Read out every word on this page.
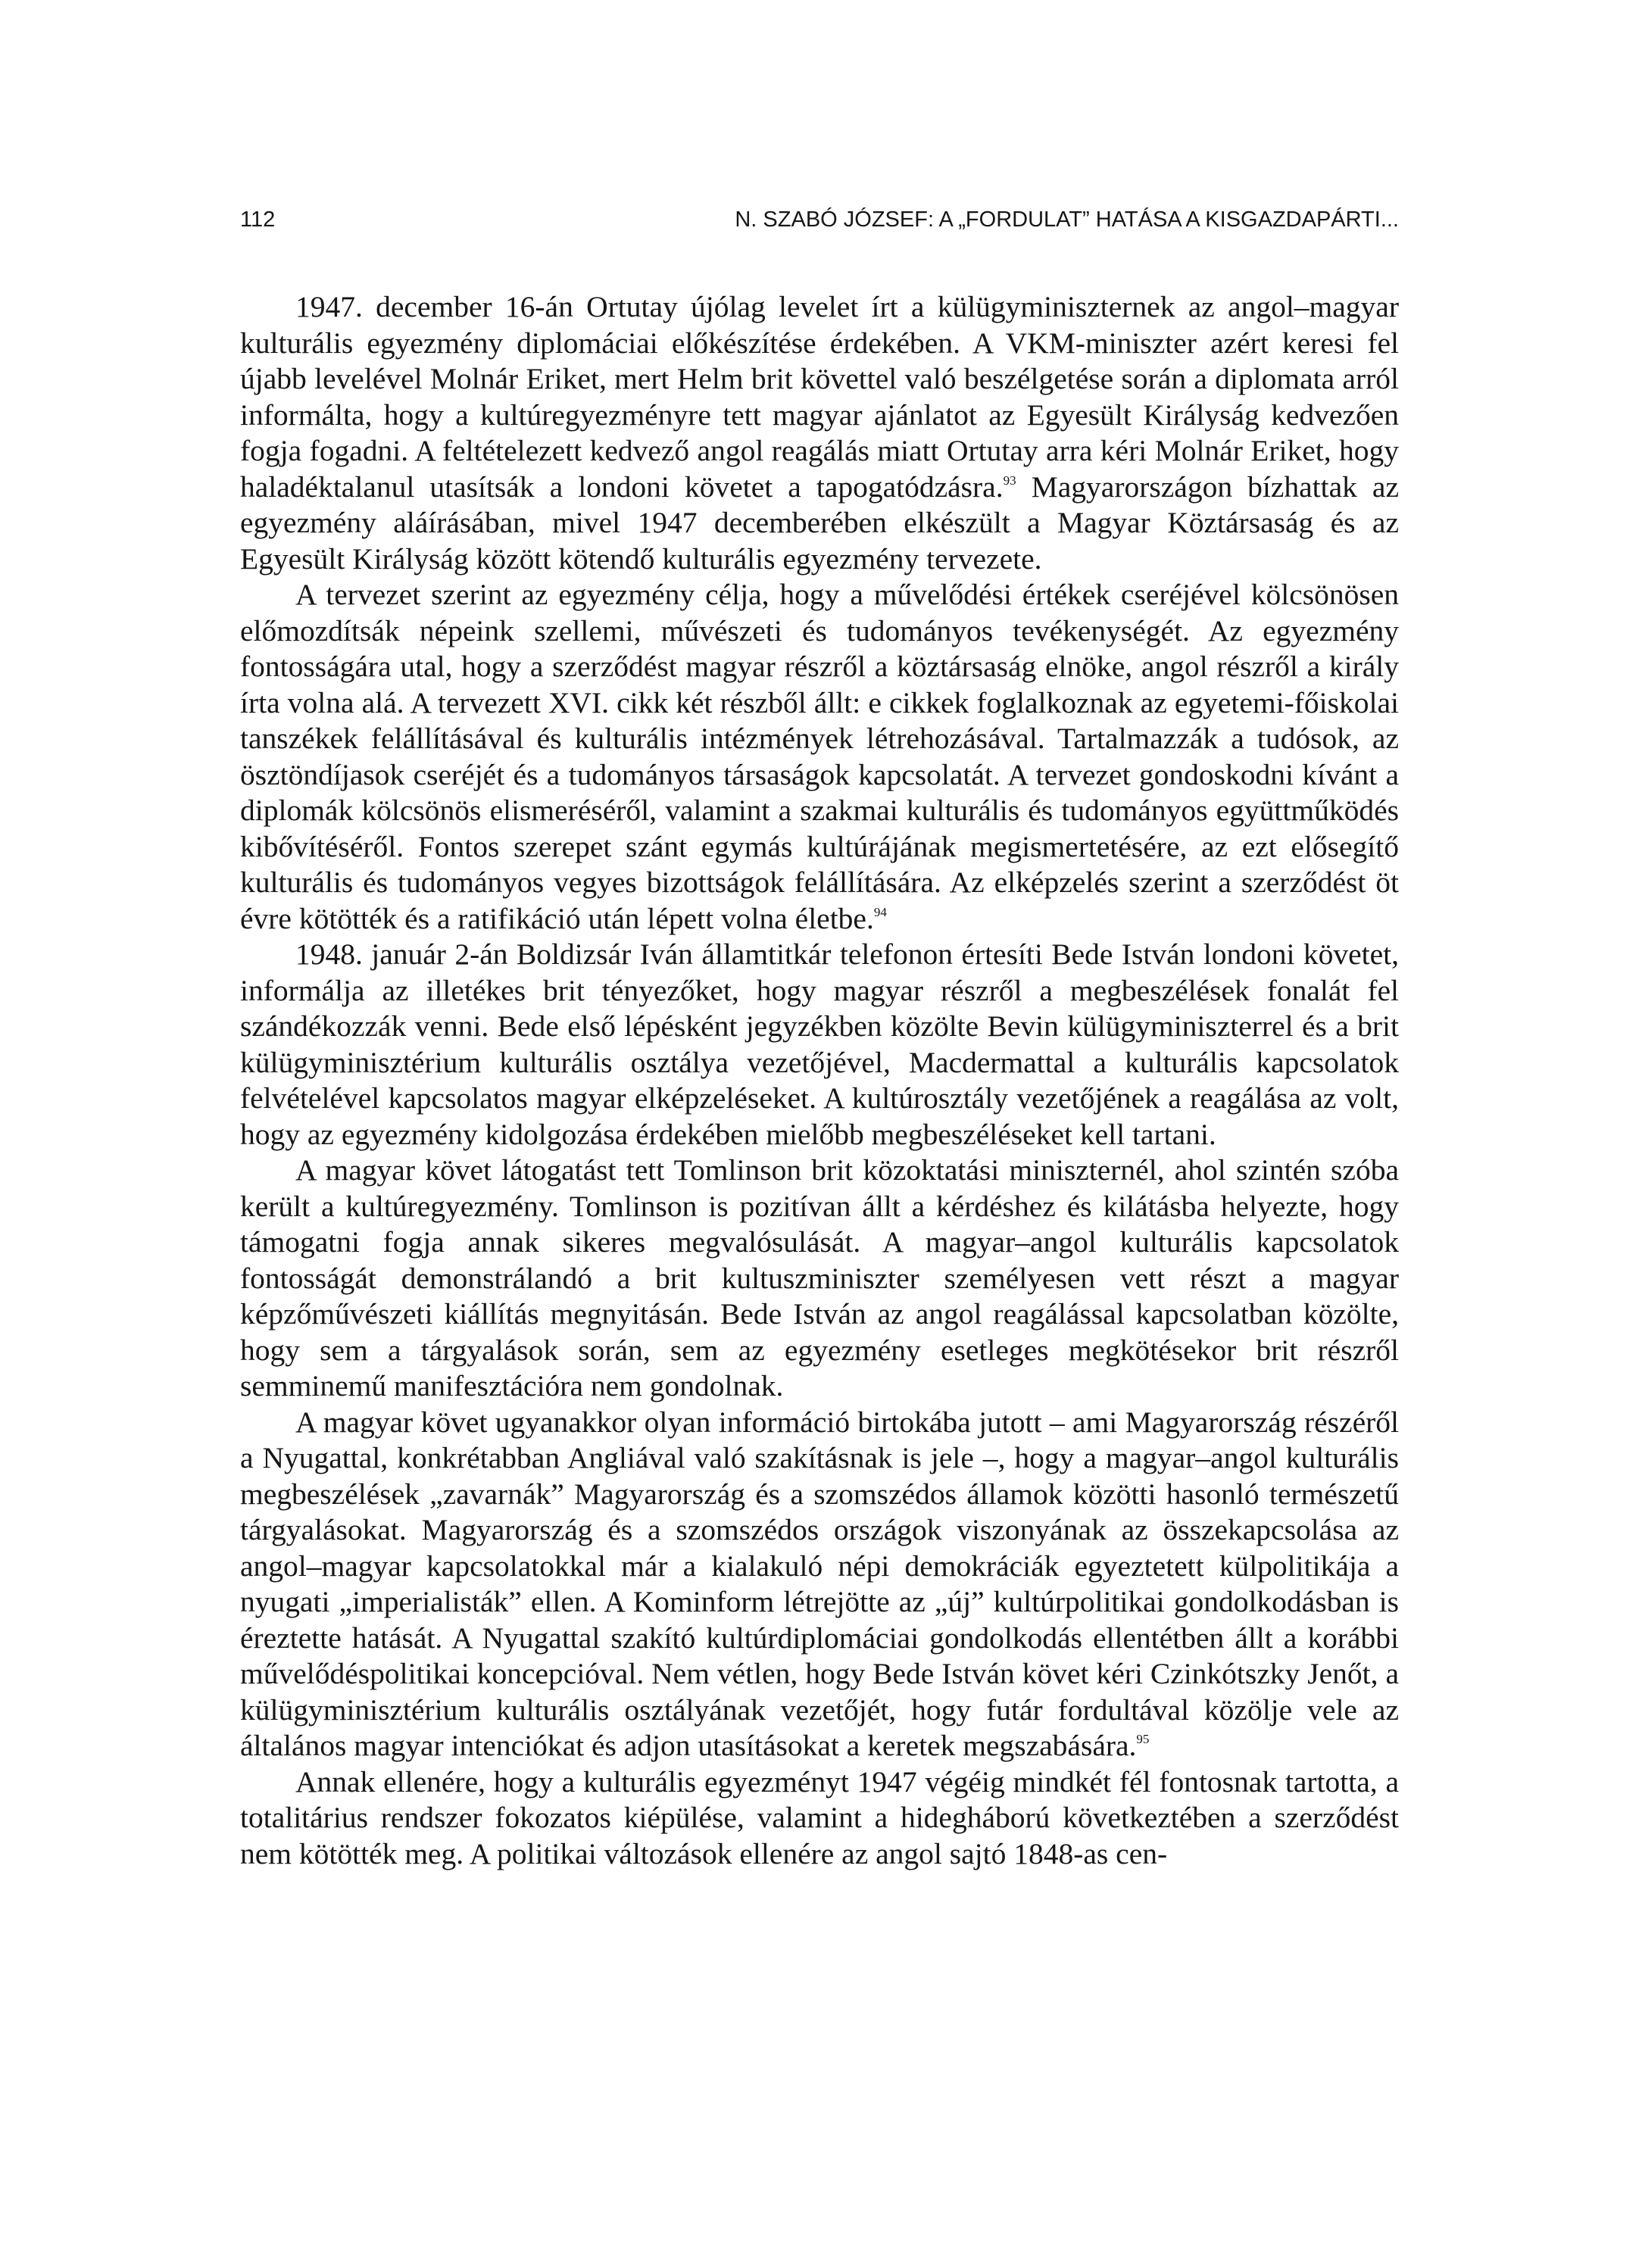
112	N. SZABÓ JÓZSEF: A „FORDULAT” HATÁSA A KISGAZDAPÁRTI...

1947. december 16-án Ortutay újólag levelet írt a külügyminiszternek az angol–magyar kulturális egyezmény diplomáciai előkészítése érdekében. A VKM-miniszter azért keresi fel újabb levelével Molnár Eriket, mert Helm brit követtel való beszélgetése során a diplomata arról informálta, hogy a kultúregyezményre tett magyar ajánlatot az Egyesült Királyság kedvezően fogja fogadni. A feltételezett kedvező angol reagálás miatt Ortutay arra kéri Molnár Eriket, hogy haladéktalanul utasítsák a londoni követet a tapogatódzásra.$^{93}$ Magyarországon bízhattak az egyezmény aláírásában, mivel 1947 decemberében elkészült a Magyar Köztársaság és az Egyesült Királyság között kötendő kulturális egyezmény tervezete.

A tervezet szerint az egyezmény célja, hogy a művelődési értékek cseréjével kölcsönösen előmozdítsák népeink szellemi, művészeti és tudományos tevékenységét. Az egyezmény fontosságára utal, hogy a szerződést magyar részről a köztársaság elnöke, angol részről a király írta volna alá. A tervezett XVI. cikk két részből állt: e cikkek foglalkoznak az egyetemi-főiskolai tanszékek felállításával és kulturális intézmények létrehozásával. Tartalmazzák a tudósok, az ösztöndíjasok cseréjét és a tudományos társaságok kapcsolatát. A tervezet gondoskodni kívánt a diplomák kölcsönös elismeréséről, valamint a szakmai kulturális és tudományos együttműködés kibővítéséről. Fontos szerepet szánt egymás kultúrájának megismertetésére, az ezt elősegítő kulturális és tudományos vegyes bizottságok felállítására. Az elképzelés szerint a szerződést öt évre kötötték és a ratifikáció után lépett volna életbe.$^{94}$

1948. január 2-án Boldizsár Iván államtitkár telefonon értesíti Bede István londoni követet, informálja az illetékes brit tényezőket, hogy magyar részről a megbeszélések fonalát fel szándékozzák venni. Bede első lépésként jegyzékben közölte Bevin külügyminiszterrel és a brit külügyminisztérium kulturális osztálya vezetőjével, Macdermattal a kulturális kapcsolatok felvételével kapcsolatos magyar elképzeléseket. A kultúrosztály vezetőjének a reagálása az volt, hogy az egyezmény kidolgozása érdekében mielőbb megbeszéléseket kell tartani.

A magyar követ látogatást tett Tomlinson brit közoktatási miniszternél, ahol szintén szóba került a kultúregyezmény. Tomlinson is pozitívan állt a kérdéshez és kilátásba helyezte, hogy támogatni fogja annak sikeres megvalósulását. A magyar–angol kulturális kapcsolatok fontosságát demonstrálandó a brit kultuszminiszter személyesen vett részt a magyar képzőművészeti kiállítás megnyitásán. Bede István az angol reagálással kapcsolatban közölte, hogy sem a tárgyalások során, sem az egyezmény esetleges megkötésekor brit részről semminemű manifesztációra nem gondolnak.

A magyar követ ugyanakkor olyan információ birtokába jutott – ami Magyarország részéről a Nyugattal, konkrétabban Angliával való szakításnak is jele –, hogy a magyar–angol kulturális megbeszélések „zavarnák” Magyarország és a szomszédos államok közötti hasonló természetű tárgyalásokat. Magyarország és a szomszédos országok viszonyának az összekapcsolása az angol–magyar kapcsolatokkal már a kialakuló népi demokráciák egyeztetett külpolitikája a nyugati „imperialisták” ellen. A Kominform létrejötte az „új” kultúrpolitikai gondolkodásban is éreztette hatását. A Nyugattal szakító kultúrdiplomáciai gondolkodás ellentétben állt a korábbi művelődéspolitikai koncepcióval. Nem vétlen, hogy Bede István követ kéri Czinkótszky Jenőt, a külügyminisztérium kulturális osztályának vezetőjét, hogy futár fordultával közölje vele az általános magyar intenciókat és adjon utasításokat a keretek megszabására.$^{95}$

Annak ellenére, hogy a kulturális egyezményt 1947 végéig mindkét fél fontosnak tartotta, a totalitárius rendszer fokozatos kiépülése, valamint a hidegháború következtében a szerződést nem kötötték meg. A politikai változások ellenére az angol sajtó 1848-as cen-
